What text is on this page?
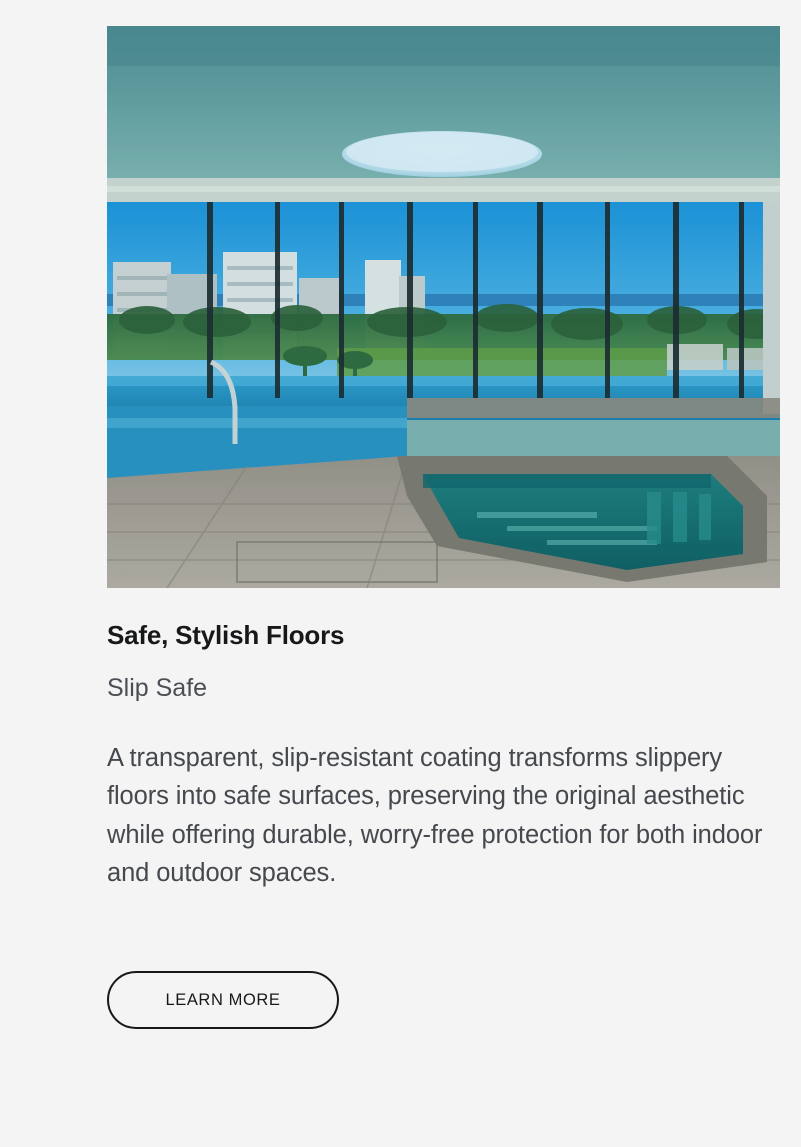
Safe, Stylish Floors
Slip Safe

A transparent, slip-resistant coating transforms slippery floors into safe surfaces, preserving the original aesthetic while offering durable, worry-free protection for both indoor and outdoor spaces.

LEARN MORE
